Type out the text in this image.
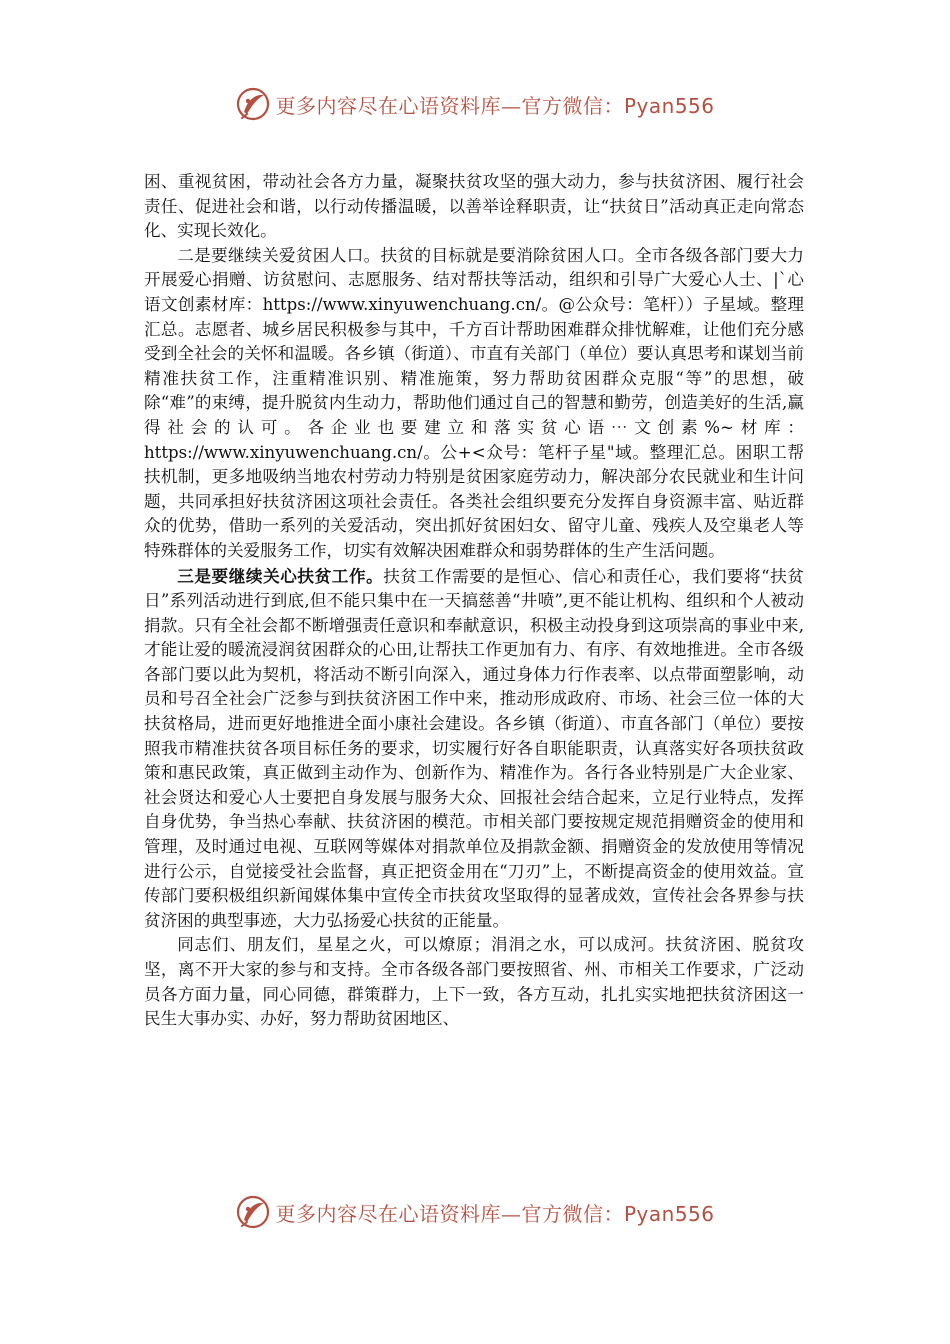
更多内容尽在心语资料库—官方微信：Pyan556

困、重视贫困，带动社会各方力量，凝聚扶贫攻坚的强大动力，参与扶贫济困、履行社会责任、促进社会和谐，以行动传播温暖，以善举诠释职责，让“扶贫日”活动真正走向常态化、实现长效化。

二是要继续关爱贫困人口。扶贫的目标就是要消除贫困人口。全市各级各部门要大力开展爱心捐赠、访贫慰问、志愿服务、结对帮扶等活动，组织和引导广大爱心人士、|`心语文创素材库：https://www.xinyuwenchuang.cn/。@公众号：笔杆））子星域。整理汇总。志愿者、城乡居民积极参与其中，千方百计帮助困难群众排忧解难，让他们充分感受到全社会的关怀和温暖。各乡镇（街道）、市直有关部门（单位）要认真思考和谋划当前精准扶贫工作，注重精准识别、精准施策，努力帮助贫困群众克服“等”的思想，破除“难”的束缚，提升脱贫内生动力，帮助他们通过自己的智慧和勤劳，创造美好的生活,赢得社会的认可。各企业也要建立和落实贫心语⋯文创素%~材库：https://www.xinyuwenchuang.cn/。公+<众号：笔杆子星"域。整理汇总。困职工帮扶机制，更多地吸纳当地农村劳动力特别是贫困家庭劳动力，解决部分农民就业和生计问题，共同承担好扶贫济困这项社会责任。各类社会组织要充分发挥自身资源丰富、贴近群众的优势，借助一系列的关爱活动，突出抓好贫困妇女、留守儿童、残疾人及空巢老人等特殊群体的关爱服务工作，切实有效解决困难群众和弱势群体的生产生活问题。

三是要继续关心扶贫工作。扶贫工作需要的是恒心、信心和责任心，我们要将“扶贫日”系列活动进行到底,但不能只集中在一天搞慈善“井喷”,更不能让机构、组织和个人被动捐款。只有全社会都不断增强责任意识和奉献意识，积极主动投身到这项崇高的事业中来,才能让爱的暖流浸润贫困群众的心田,让帮扶工作更加有力、有序、有效地推进。全市各级各部门要以此为契机，将活动不断引向深入，通过身体力行作表率、以点带面塑影响，动员和号召全社会广泛参与到扶贫济困工作中来，推动形成政府、市场、社会三位一体的大扶贫格局，进而更好地推进全面小康社会建设。各乡镇（街道）、市直各部门（单位）要按照我市精准扶贫各项目标任务的要求，切实履行好各自职能职责，认真落实好各项扶贫政策和惠民政策，真正做到主动作为、创新作为、精准作为。各行各业特别是广大企业家、社会贤达和爱心人士要把自身发展与服务大众、回报社会结合起来，立足行业特点，发挥自身优势，争当热心奉献、扶贫济困的模范。市相关部门要按规定规范捐赠资金的使用和管理，及时通过电视、互联网等媒体对捐款单位及捐款金额、捐赠资金的发放使用等情况进行公示，自觉接受社会监督，真正把资金用在“刀刃”上，不断提高资金的使用效益。宣传部门要积极组织新闻媒体集中宣传全市扶贫攻坚取得的显著成效，宣传社会各界参与扶贫济困的典型事迹，大力弘扬爱心扶贫的正能量。

同志们、朋友们，星星之火，可以燎原；涓涓之水，可以成河。扶贫济困、脱贫攻坚，离不开大家的参与和支持。全市各级各部门要按照省、州、市相关工作要求，广泛动员各方面力量，同心同德，群策群力，上下一致，各方互动，扎扎实实地把扶贫济困这一民生大事办实、办好，努力帮助贫困地区、

更多内容尽在心语资料库—官方微信：Pyan556
